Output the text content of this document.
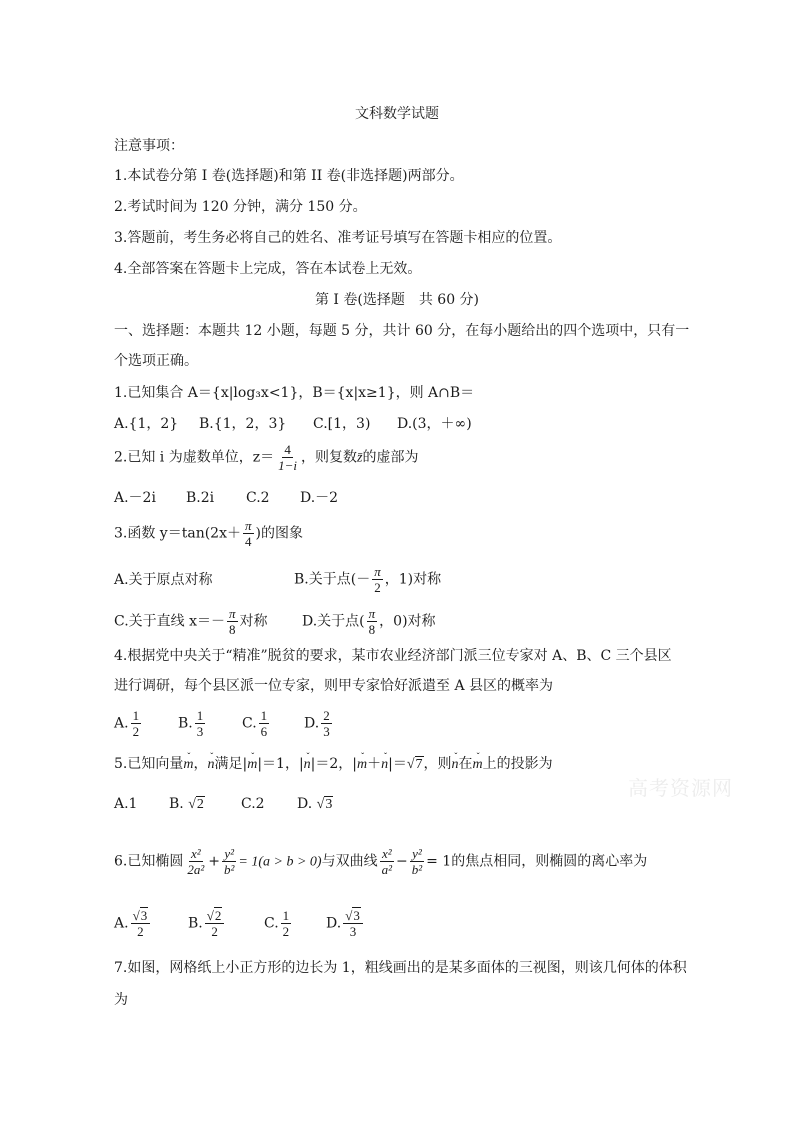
高考资源网
文科数学试题
注意事项：
1.本试卷分第 I 卷(选择题)和第 II 卷(非选择题)两部分。
2.考试时间为 120 分钟，满分 150 分。
3.答题前，考生务必将自己的姓名、准考证号填写在答题卡相应的位置。
4.全部答案在答题卡上完成，答在本试卷上无效。
第 I 卷(选择题　共 60 分)
一、选择题：本题共 12 小题，每题 5 分，共计 60 分，在每小题给出的四个选项中，只有一
个选项正确。
1.已知集合 A＝{x|log₃x<1}，B＝{x|x≥1}，则 A∩B＝
A.{1，2} B.{1，2，3} C.[1，3) D.(3，＋∞)
2.已知 i 为虚数单位，$z= \frac{4}{1-i}$ ，则复数z̄的虚部为
A.－2i B.2i C.2 D.－2
3.函数 $y=\tan(2x+ \frac{\pi}{4}$ )的图象
A.关于原点对称	B.关于点(－ $\frac{\pi}{2}$ ，1)对称
C.关于直线 $x=- \frac{\pi}{8}$ 对称 D.关于点( $\frac{\pi}{8}$ ，0)对称
4.根据党中央关于“精准”脱贫的要求，某市农业经济部门派三位专家对 A、B、C 三个县区
进行调研，每个县区派一位专家，则甲专家恰好派遣至 A 县区的概率为
A. $\frac{1}{2}$	B. $\frac{1}{3}$	C. $\frac{1}{6} D$. $\frac{2}{3}$
5.已知向量ˇ m，ˇ n满足|ˇ m|＝1，|ˇ n|＝2，|ˇ m＋ˇ n|＝√7，则ˇ n在ˇ m上的投影为
A.1 B. √2	C.2 D. √3
6.已知椭圆 $\frac{\text{x²}}{\text{2a²}} + \frac{\text{y²}}{\text{b²}} = 1(a > b > 0)$与双曲线 $\frac{\text{x²}}{\text{a²}} - \frac{\text{y²}}{\text{b²}} = 1$的焦点相同，则椭圆的离心率为
A. $\frac{√3}{2}$	B. $\frac{√2}{2}$	C. $\frac{1}{2} D$. $\frac{√3}{3}$
7.如图，网格纸上小正方形的边长为 1，粗线画出的是某多面体的三视图，则该几何体的体积
为
